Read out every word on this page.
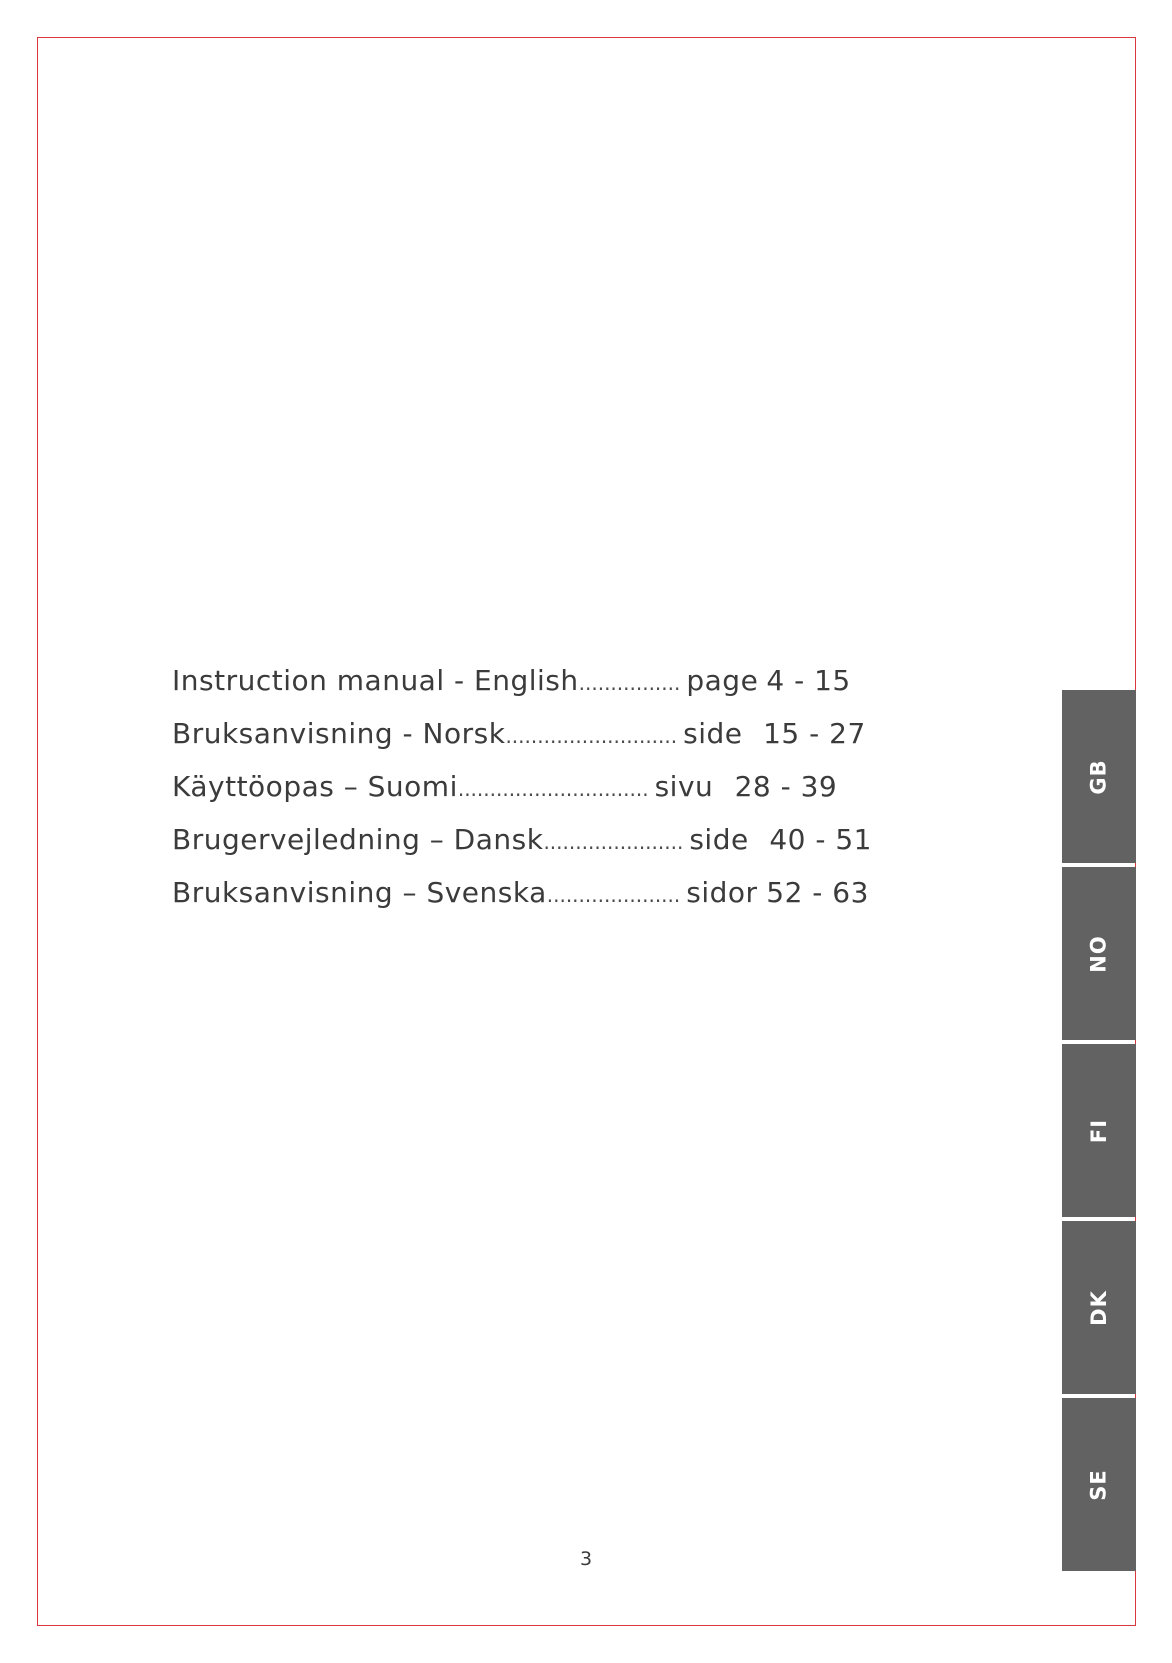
Instruction manual - English ................ page 4 - 15
Bruksanvisning - Norsk ........................... side 15 - 27
Käyttöopas – Suomi .............................. sivu 28 - 39
Brugervejledning – Dansk ...................... side 40 - 51
Bruksanvisning – Svenska ..................... sidor 52 - 63
GB
NO
FI
DK
SE
3
